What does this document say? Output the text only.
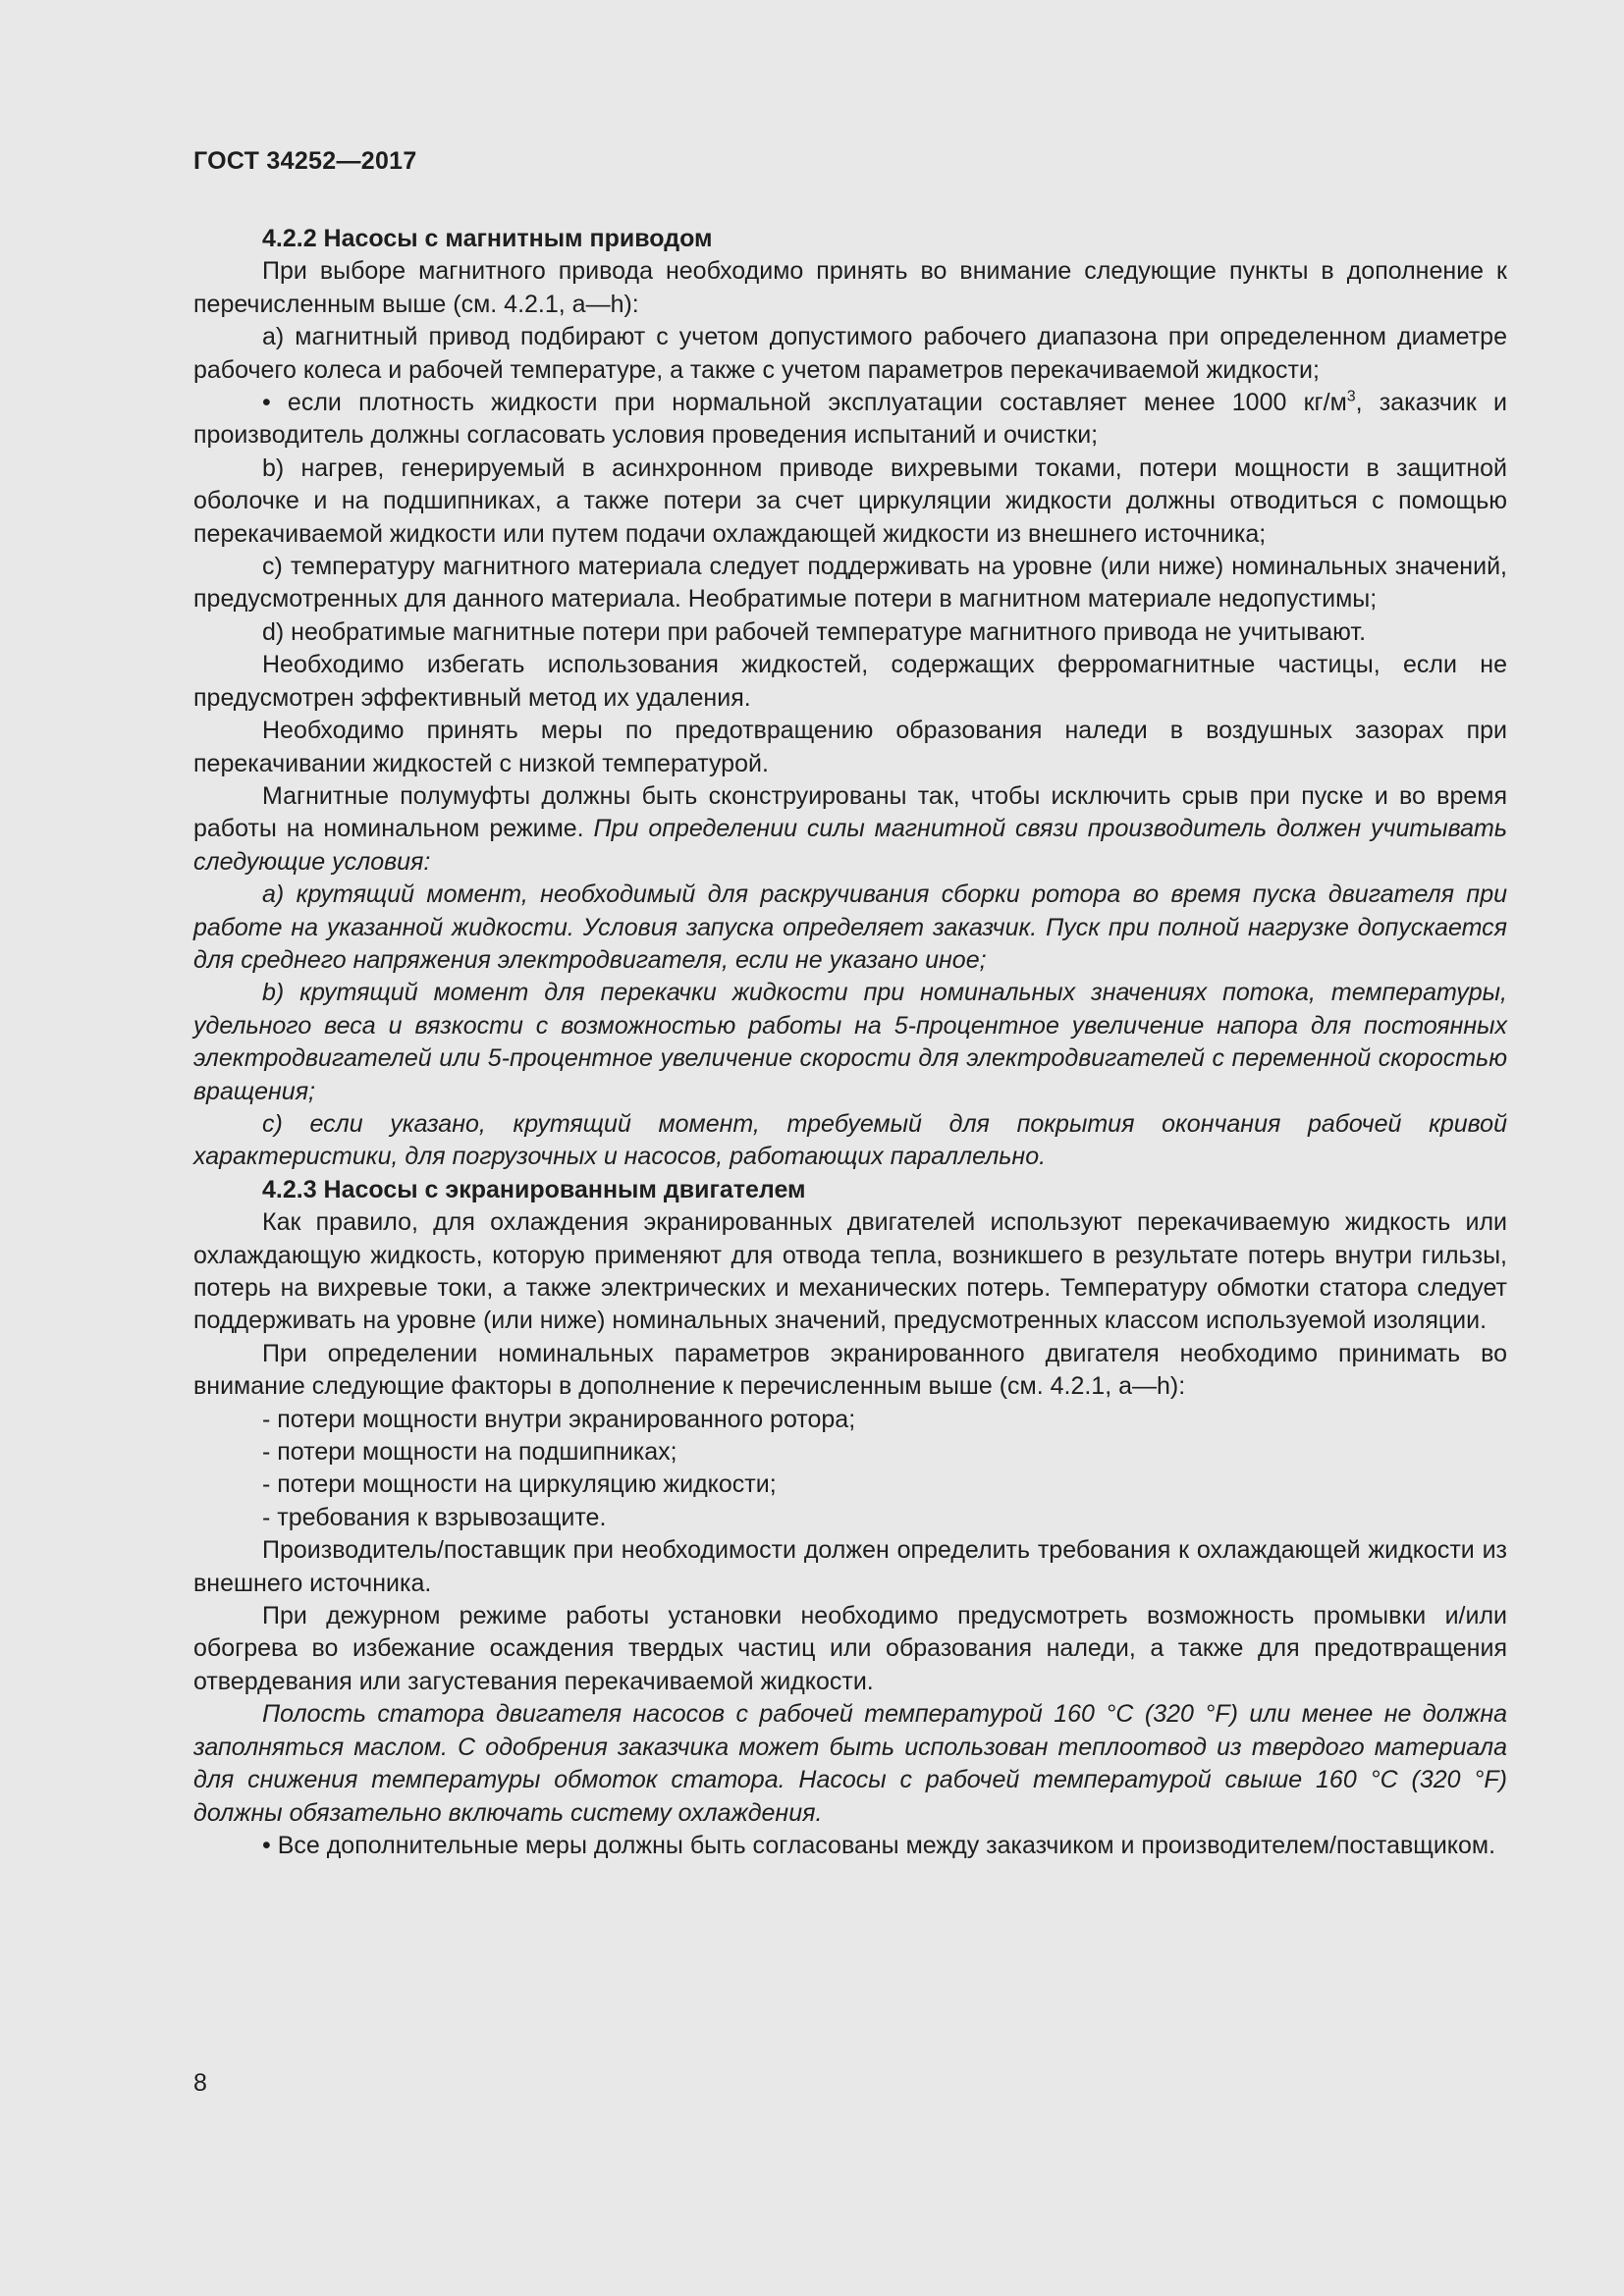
ГОСТ 34252—2017

4.2.2 Насосы с магнитным приводом

При выборе магнитного привода необходимо принять во внимание следующие пункты в дополнение к перечисленным выше (см. 4.2.1, а—h):

а) магнитный привод подбирают с учетом допустимого рабочего диапазона при определенном диаметре рабочего колеса и рабочей температуре, а также с учетом параметров перекачиваемой жидкости;

• если плотность жидкости при нормальной эксплуатации составляет менее 1000 $кг/м^3$, заказчик и производитель должны согласовать условия проведения испытаний и очистки;

b) нагрев, генерируемый в асинхронном приводе вихревыми токами, потери мощности в защитной оболочке и на подшипниках, а также потери за счет циркуляции жидкости должны отводиться с помощью перекачиваемой жидкости или путем подачи охлаждающей жидкости из внешнего источника;

с) температуру магнитного материала следует поддерживать на уровне (или ниже) номинальных значений, предусмотренных для данного материала. Необратимые потери в магнитном материале недопустимы;

d) необратимые магнитные потери при рабочей температуре магнитного привода не учитывают.

Необходимо избегать использования жидкостей, содержащих ферромагнитные частицы, если не предусмотрен эффективный метод их удаления.

Необходимо принять меры по предотвращению образования наледи в воздушных зазорах при перекачивании жидкостей с низкой температурой.

Магнитные полумуфты должны быть сконструированы так, чтобы исключить срыв при пуске и во время работы на номинальном режиме. При определении силы магнитной связи производитель должен учитывать следующие условия:

а) крутящий момент, необходимый для раскручивания сборки ротора во время пуска двигателя при работе на указанной жидкости. Условия запуска определяет заказчик. Пуск при полной нагрузке допускается для среднего напряжения электродвигателя, если не указано иное;

b) крутящий момент для перекачки жидкости при номинальных значениях потока, температуры, удельного веса и вязкости с возможностью работы на 5-процентное увеличение напора для постоянных электродвигателей или 5-процентное увеличение скорости для электродвигателей с переменной скоростью вращения;

с) если указано, крутящий момент, требуемый для покрытия окончания рабочей кривой характеристики, для погрузочных и насосов, работающих параллельно.

4.2.3 Насосы с экранированным двигателем

Как правило, для охлаждения экранированных двигателей используют перекачиваемую жидкость или охлаждающую жидкость, которую применяют для отвода тепла, возникшего в результате потерь внутри гильзы, потерь на вихревые токи, а также электрических и механических потерь. Температуру обмотки статора следует поддерживать на уровне (или ниже) номинальных значений, предусмотренных классом используемой изоляции.

При определении номинальных параметров экранированного двигателя необходимо принимать во внимание следующие факторы в дополнение к перечисленным выше (см. 4.2.1, а—h):

- потери мощности внутри экранированного ротора;

- потери мощности на подшипниках;

- потери мощности на циркуляцию жидкости;

- требования к взрывозащите.

Производитель/поставщик при необходимости должен определить требования к охлаждающей жидкости из внешнего источника.

При дежурном режиме работы установки необходимо предусмотреть возможность промывки и/или обогрева во избежание осаждения твердых частиц или образования наледи, а также для предотвращения отвердевания или загустевания перекачиваемой жидкости.

Полость статора двигателя насосов с рабочей температурой 160 °С (320 °F) или менее не должна заполняться маслом. С одобрения заказчика может быть использован теплоотвод из твердого материала для снижения температуры обмоток статора. Насосы с рабочей температурой свыше 160 °С (320 °F) должны обязательно включать систему охлаждения.

• Все дополнительные меры должны быть согласованы между заказчиком и производителем/поставщиком.

8
